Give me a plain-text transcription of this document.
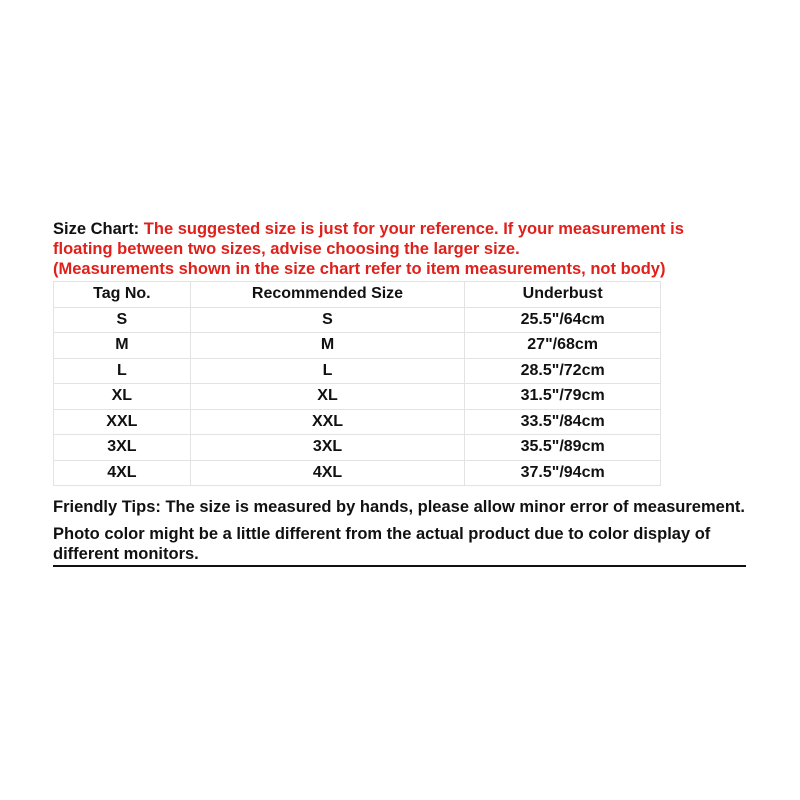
Size Chart: The suggested size is just for your reference. If your measurement is floating between two sizes, advise choosing the larger size.
(Measurements shown in the size chart refer to item measurements, not body)

Tag No.	Recommended Size	Underbust
S	S	25.5"/64cm
M	M	27"/68cm
L	L	28.5"/72cm
XL	XL	31.5"/79cm
XXL	XXL	33.5"/84cm
3XL	3XL	35.5"/89cm
4XL	4XL	37.5"/94cm

Friendly Tips: The size is measured by hands, please allow minor error of measurement.

Photo color might be a little different from the actual product due to color display of different monitors.
